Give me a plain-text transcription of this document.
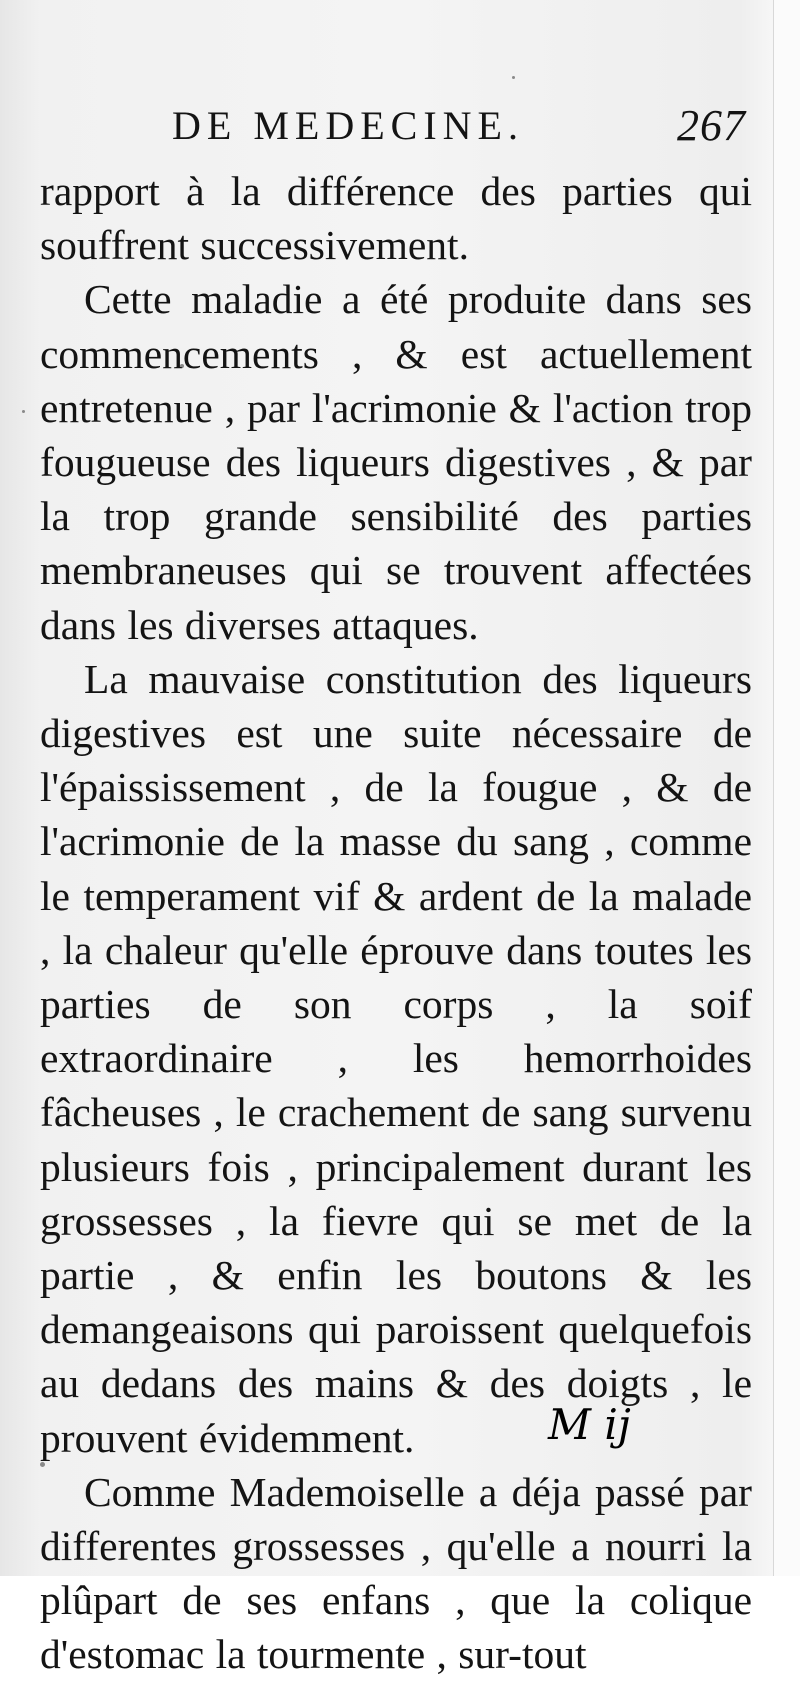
DE MEDECINE.	267

rapport à la différence des parties qui souffrent successivement.

Cette maladie a été produite dans ses commencements , & est actuellement entretenue , par l'acrimonie & l'action trop fougueuse des liqueurs digestives , & par la trop grande sensibilité des parties membraneuses qui se trouvent affectées dans les diverses attaques.

La mauvaise constitution des liqueurs digestives est une suite nécessaire de l'épaississement , de la fougue , & de l'acrimonie de la masse du sang , comme le temperament vif & ardent de la malade , la chaleur qu'elle éprouve dans toutes les parties de son corps , la soif extraordinaire , les hemorrhoides fâcheuses , le crachement de sang survenu plusieurs fois , principalement durant les grossesses , la fievre qui se met de la partie , & enfin les boutons & les demangeaisons qui paroissent quelquefois au dedans des mains & des doigts , le prouvent évidemment.

Comme Mademoiselle a déja passé par differentes grossesses , qu'elle a nourri la plûpart de ses enfans , que la colique d'estomac la tourmente , sur-tout

M ij
